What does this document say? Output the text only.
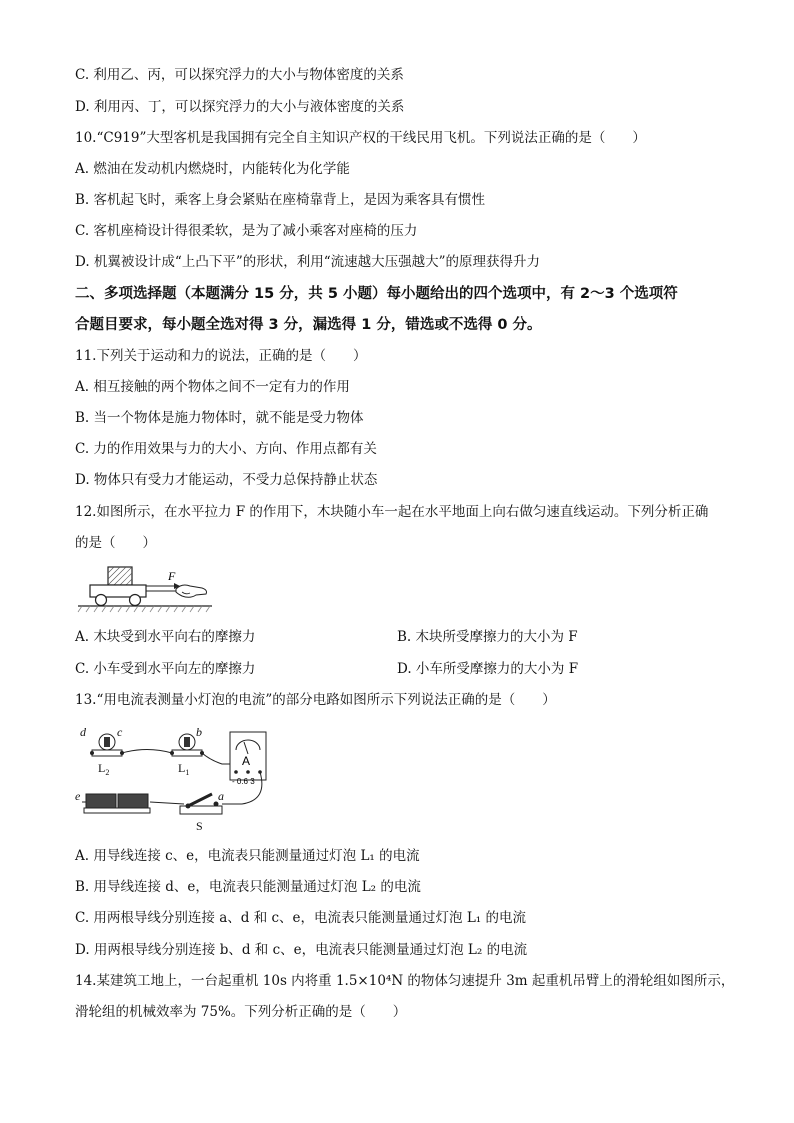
C. 利用乙、丙，可以探究浮力的大小与物体密度的关系
D. 利用丙、丁，可以探究浮力的大小与液体密度的关系
10.“C919”大型客机是我国拥有完全自主知识产权的干线民用飞机。下列说法正确的是（　　）
A. 燃油在发动机内燃烧时，内能转化为化学能
B. 客机起飞时，乘客上身会紧贴在座椅靠背上，是因为乘客具有惯性
C. 客机座椅设计得很柔软，是为了减小乘客对座椅的压力
D. 机翼被设计成“上凸下平”的形状，利用“流速越大压强越大”的原理获得升力
二、多项选择题（本题满分 15 分，共 5 小题）每小题给出的四个选项中，有 2～3 个选项符
合题目要求，每小题全选对得 3 分，漏选得 1 分，错选或不选得 0 分。
11.下列关于运动和力的说法，正确的是（　　）
A. 相互接触的两个物体之间不一定有力的作用
B. 当一个物体是施力物体时，就不能是受力物体
C. 力的作用效果与力的大小、方向、作用点都有关
D. 物体只有受力才能运动，不受力总保持静止状态
12.如图所示，在水平拉力 F 的作用下，木块随小车一起在水平地面上向右做匀速直线运动。下列分析正确
的是（　　）
F
A. 木块受到水平向右的摩擦力	B. 木块所受摩擦力的大小为 F
C. 小车受到水平向左的摩擦力	D. 小车所受摩擦力的大小为 F
13.“用电流表测量小灯泡的电流”的部分电路如图所示下列说法正确的是（　　）
d	c	b
a
e
$L_2$	$L_1$
S
A
- 0.6 3
A. 用导线连接 c、e，电流表只能测量通过灯泡 L₁ 的电流
B. 用导线连接 d、e，电流表只能测量通过灯泡 L₂ 的电流
C. 用两根导线分别连接 a、d 和 c、e，电流表只能测量通过灯泡 L₁ 的电流
D. 用两根导线分别连接 b、d 和 c、e，电流表只能测量通过灯泡 L₂ 的电流
14.某建筑工地上，一台起重机 10s 内将重 1.5×10⁴N 的物体匀速提升 3m 起重机吊臂上的滑轮组如图所示，
滑轮组的机械效率为 75%。下列分析正确的是（　　）
